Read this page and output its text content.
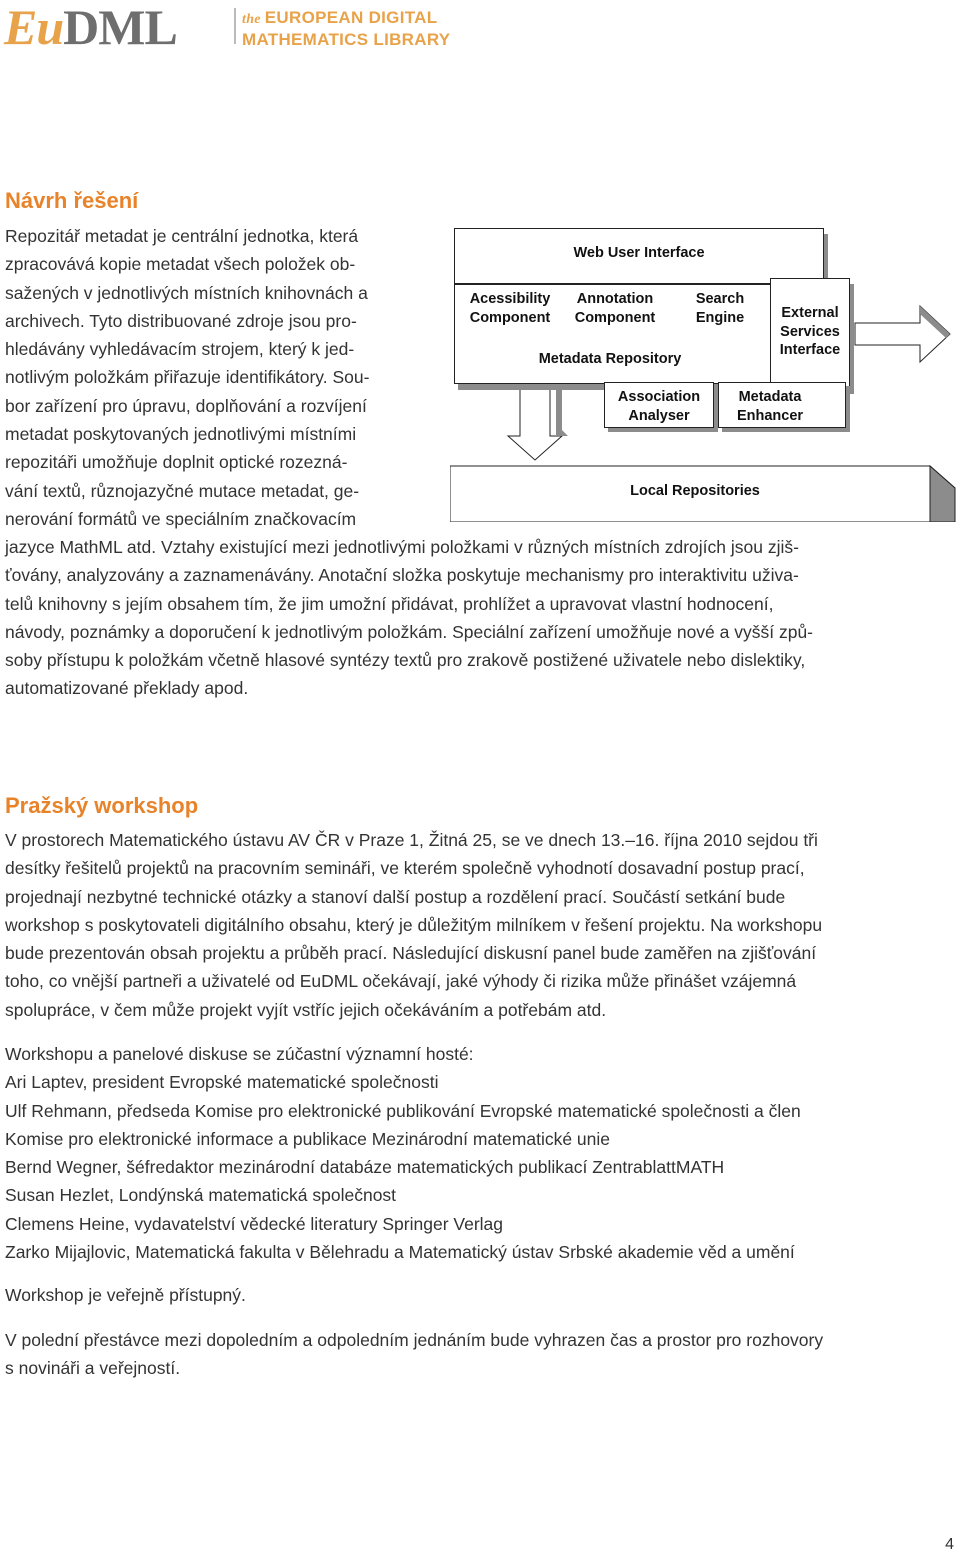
EuDML	the EUROPEAN DIGITAL
MATHEMATICS LIBRARY
Návrh řešení
Repozitář metadat je centrální jednotka, která
zpracovává kopie metadat všech položek ob-
sažených v jednotlivých místních knihovnách a
archivech. Tyto distribuované zdroje jsou pro-
hledávány vyhledávacím strojem, který k jed-
notlivým položkám přiřazuje identifikátory. Sou-
bor zařízení pro úpravu, doplňování a rozvíjení
metadat poskytovaných jednotlivými místními
repozitáři umožňuje doplnit optické rozezná-
vání textů, různojazyčné mutace metadat, ge-
nerování formátů ve speciálním značkovacím
jazyce MathML atd. Vztahy existující mezi jednotlivými položkami v různých místních zdrojích jsou zjiš-
ťovány, analyzovány a zaznamenávány. Anotační složka poskytuje mechanismy pro interaktivitu uživa-
telů knihovny s jejím obsahem tím, že jim umožní přidávat, prohlížet a upravovat vlastní hodnocení,
návody, poznámky a doporučení k jednotlivým položkám. Speciální zařízení umožňuje nové a vyšší způ-
soby přístupu k položkám včetně hlasové syntézy textů pro zrakově postižené uživatele nebo dislektiky,
automatizované překlady apod.
Web User Interface
Acessibility
Component
Annotation
Component
Search
Engine
Metadata Repository
External
Services
Interface
Association
Analyser
Metadata
Enhancer
Local Repositories
Pražský workshop
V prostorech Matematického ústavu AV ČR v Praze 1, Žitná 25, se ve dnech 13.–16. října 2010 sejdou tři
desítky řešitelů projektů na pracovním semináři, ve kterém společně vyhodnotí dosavadní postup prací,
projednají nezbytné technické otázky a stanoví další postup a rozdělení prací. Součástí setkání bude
workshop s poskytovateli digitálního obsahu, který je důležitým milníkem v řešení projektu. Na workshopu
bude prezentován obsah projektu a průběh prací. Následující diskusní panel bude zaměřen na zjišťování
toho, co vnější partneři a uživatelé od EuDML očekávají, jaké výhody či rizika může přinášet vzájemná
spolupráce, v čem může projekt vyjít vstříc jejich očekáváním a potřebám atd.
Workshopu a panelové diskuse se zúčastní významní hosté:
Ari Laptev, president Evropské matematické společnosti
Ulf Rehmann, předseda Komise pro elektronické publikování Evropské matematické společnosti a člen
Komise pro elektronické informace a publikace Mezinárodní matematické unie
Bernd Wegner, šéfredaktor mezinárodní databáze matematických publikací ZentrablattMATH
Susan Hezlet, Londýnská matematická společnost
Clemens Heine, vydavatelství vědecké literatury Springer Verlag
Zarko Mijajlovic, Matematická fakulta v Bělehradu a Matematický ústav Srbské akademie věd a umění
Workshop je veřejně přístupný.
V polední přestávce mezi dopoledním a odpoledním jednáním bude vyhrazen čas a prostor pro rozhovory
s novináři a veřejností.
4
